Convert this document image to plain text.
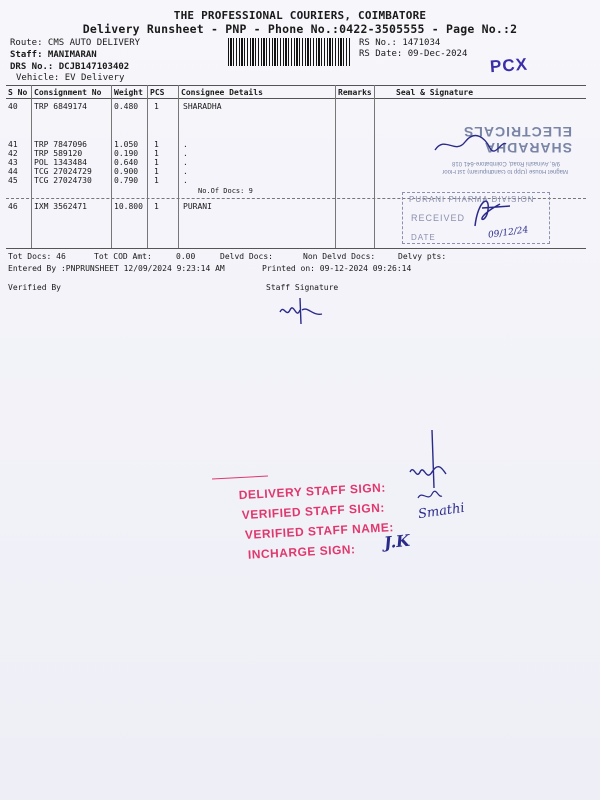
THE PROFESSIONAL COURIERS, COIMBATORE
Delivery Runsheet - PNP - Phone No.:0422-3505555 - Page No.:2
Route: CMS AUTO DELIVERY
Staff: MANIMARAN
DRS No.: DCJB147103402
Vehicle: EV Delivery
RS No.: 1471034
RS Date: 09-Dec-2024
PCX
S No Consignment No Weight PCS Consignee Details	Remarks	Seal & Signature
40 TRP 6849174	0.480 1	SHARADHA
41 TRP 7847096	1.050 1	.
42 TRP 589120	0.190 1	.
43 POL 1343484	0.640 1	.
44 TCG 27024729	0.900 1	.
45 TCG 27024730	0.790 1	.
No.Of Docs: 9
46 IXM 3562471	10.800 1	PURANI
Magnet House (Opp to Gandhipuram) 1st Floor
9/6, Avinashi Road, Coimbatore-641 018
SHARADHA ELECTRICALS
PURANI PHARMA DIVISION
RECEIVED
DATE	09/12/24
Tot Docs: 46	Tot COD Amt:	0.00	Delvd Docs:	Non Delvd Docs:	Delvy pts:
Entered By :PNPRUNSHEET 12/09/2024 9:23:14 AM	Printed on: 09-12-2024 09:26:14
Verified By	Staff Signature
DELIVERY STAFF SIGN:
VERIFIED STAFF SIGN:
VERIFIED STAFF NAME:
INCHARGE SIGN:
Smathi
J.K
